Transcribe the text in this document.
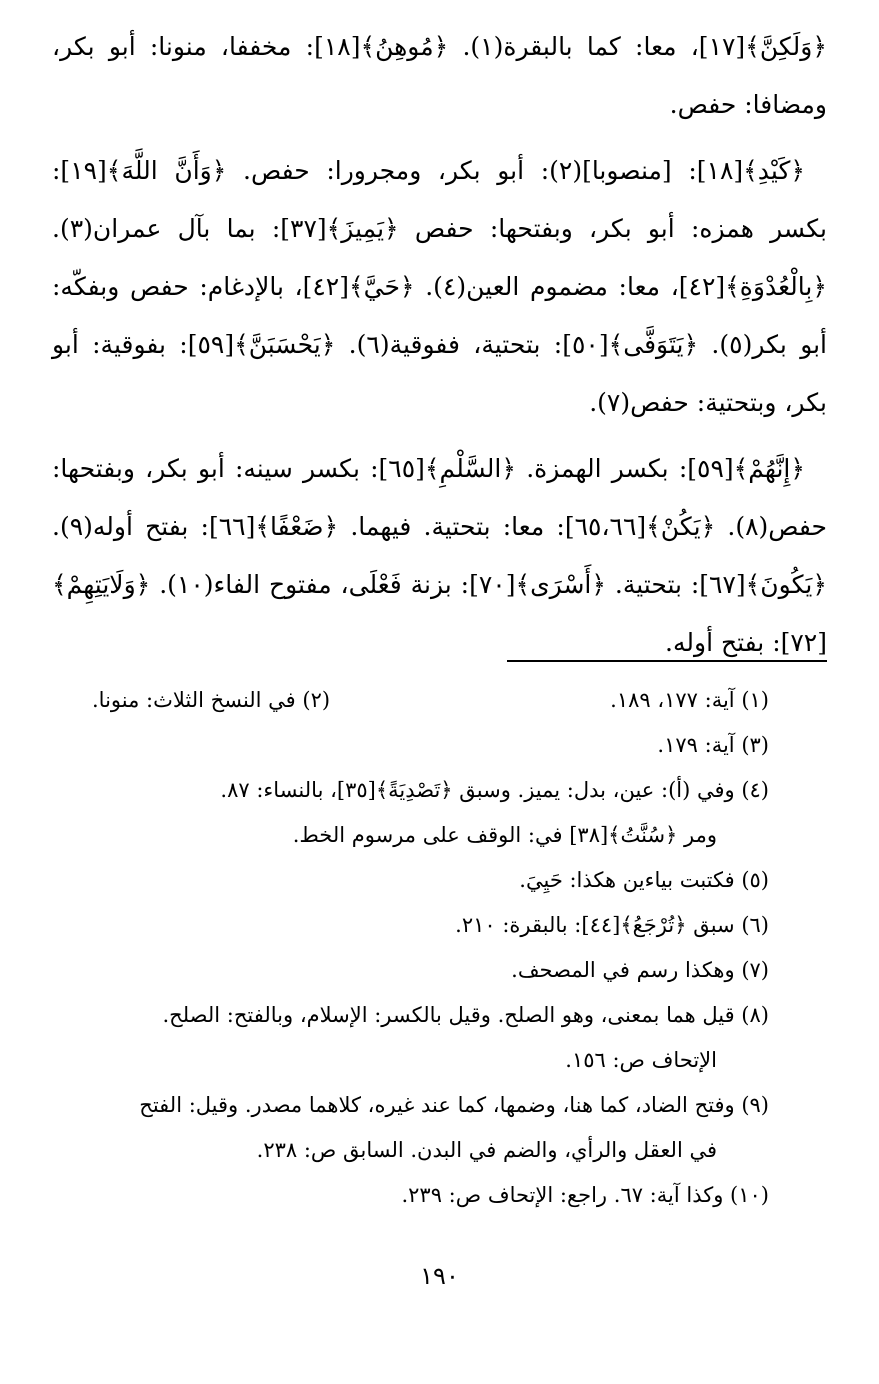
﴿وَلَكِنَّ﴾[١٧]، معا: كما بالبقرة(١). ﴿مُوهِنُ﴾[١٨]: مخففا، منونا: أبو بكر، ومضافا: حفص.

﴿كَيْدِ﴾[١٨]: [منصوبا](٢): أبو بكر، ومجرورا: حفص. ﴿وَأَنَّ اللَّهَ﴾[١٩]: بكسر همزه: أبو بكر، وبفتحها: حفص ﴿يَمِيزَ﴾[٣٧]: بما بآل عمران(٣). ﴿بِالْعُدْوَةِ﴾[٤٢]، معا: مضموم العين(٤). ﴿حَيَّ﴾[٤٢]، بالإدغام: حفص وبفكّه: أبو بكر(٥). ﴿يَتَوَفَّى﴾[٥٠]: بتحتية، ففوقية(٦). ﴿يَحْسَبَنَّ﴾[٥٩]: بفوقية: أبو بكر، وبتحتية: حفص(٧).

﴿إِنَّهُمْ﴾[٥٩]: بكسر الهمزة. ﴿السَّلْمِ﴾[٦٥]: بكسر سينه: أبو بكر، وبفتحها: حفص(٨). ﴿يَكُنْ﴾[٦٥،٦٦]: معا: بتحتية. فيهما. ﴿ضَعْفًا﴾[٦٦]: بفتح أوله(٩). ﴿يَكُونَ﴾[٦٧]: بتحتية. ﴿أَسْرَى﴾[٧٠]: بزنة فَعْلَى، مفتوح الفاء(١٠). ﴿وَلَايَتِهِمْ﴾[٧٢]: بفتح أوله.

(١) آية: ١٧٧، ١٨٩.
(٢) في النسخ الثلاث: منونا.

(٣) آية: ١٧٩.

(٤) وفي (أ): عين، بدل: يميز. وسبق ﴿تَصْدِيَةً﴾[٣٥]، بالنساء: ٨٧.

ومر ﴿سُنَّتُ﴾[٣٨] في: الوقف على مرسوم الخط.

(٥) فكتبت بياءين هكذا: حَيِيَ.

(٦) سبق ﴿تُرْجَعُ﴾[٤٤]: بالبقرة: ٢١٠.

(٧) وهكذا رسم في المصحف.

(٨) قيل هما بمعنى، وهو الصلح. وقيل بالكسر: الإسلام، وبالفتح: الصلح.

الإتحاف ص: ١٥٦.

(٩) وفتح الضاد، كما هنا، وضمها، كما عند غيره، كلاهما مصدر. وقيل: الفتح

في العقل والرأي، والضم في البدن. السابق ص: ٢٣٨.

(١٠) وكذا آية: ٦٧. راجع: الإتحاف ص: ٢٣٩.

١٩٠
